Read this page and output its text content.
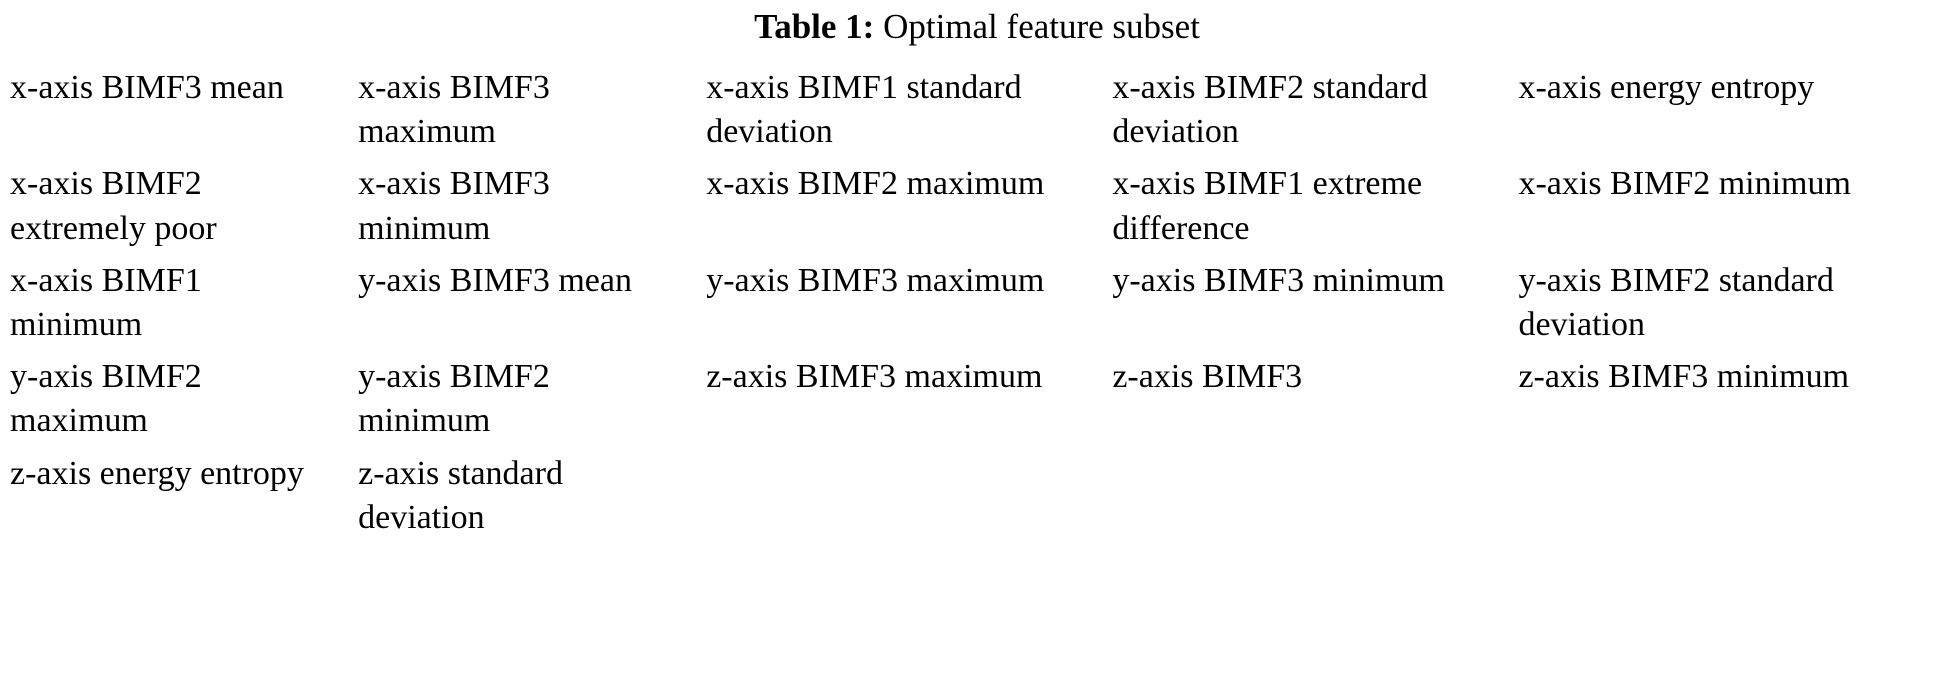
Table 1: Optimal feature subset
x-axis BIMF3 mean	x-axis BIMF3 maximum	x-axis BIMF1 standard deviation	x-axis BIMF2 standard deviation	x-axis energy entropy

x-axis BIMF2 extremely poor	x-axis BIMF3 minimum	x-axis BIMF2 maximum	x-axis BIMF1 extreme difference	x-axis BIMF2 minimum

x-axis BIMF1 minimum	y-axis BIMF3 mean	y-axis BIMF3 maximum	y-axis BIMF3 minimum	y-axis BIMF2 standard deviation

y-axis BIMF2 maximum	y-axis BIMF2 minimum	z-axis BIMF3 maximum	z-axis BIMF3	z-axis BIMF3 minimum

z-axis energy entropy	z-axis standard deviation			
